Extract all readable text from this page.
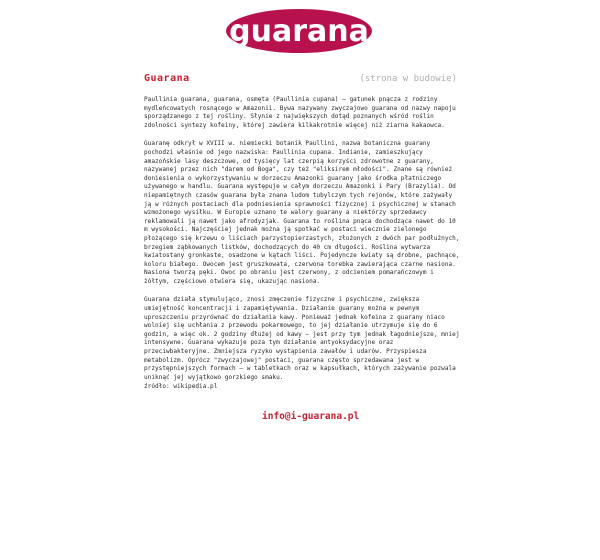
guarana
Guarana	(strona w budowie)

Paullinia guarana, guarana, osmęta (Paullinia cupana) – gatunek pnącza z rodziny mydleńcowatych rosnącego w Amazonii. Bywa nazywany zwyczajowo guarana od nazwy napoju sporządzanego z tej rośliny. Słynie z największych dotąd poznanych wśród roślin zdolności syntezy kofeiny, której zawiera kilkakrotnie więcej niż ziarna kakaowca.

Guaranę odkrył w XVIII w. niemiecki botanik Paullini, nazwa botaniczna guarany pochodzi właśnie od jego nazwiska: Paullinia cupana. Indianie, zamieszkujący amazońskie lasy deszczowe, od tysięcy lat czerpią korzyści zdrowotne z guarany, nazywanej przez nich "darem od Boga", czy też "eliksirem młodości". Znane są również doniesienia o wykorzystywaniu w dorzeczu Amazonki guarany jako środka płatniczego używanego w handlu. Guarana występuje w całym dorzeczu Amazonki i Pary (Brazylia). Od niepamiętnych czasów guarana była znana ludom tubylczym tych rejonów, które zażywały ją w różnych postaciach dla podniesienia sprawności fizycznej i psychicznej w stanach wzmożonego wysiłku. W Europie uznano te walory guarany a niektórzy sprzedawcy reklamowali ją nawet jako afrodyzjak. Guarana to roślina pnąca dochodząca nawet do 10 m wysokości. Najczęściej jednak można ją spotkać w postaci wiecznie zielonego płożącego się krzewu o liściach parzystopierzastych, złożonych z dwóch par podłużnych, brzegiem ząbkowanych listków, dochodzących do 40 cm długości. Roślina wytwarza kwiatostany gronkaste, osadzone w kątach liści. Pojedyncze kwiaty są drobne, pachnące, koloru białego. Owocem jest gruszkowata, czerwona torebka zawierająca czarne nasiona. Nasiona tworzą pęki. Owoc po obraniu jest czerwony, z odcieniem pomarańczowym i żółtym, częściowo otwiera się, ukazując nasiona.

Guarana działa stymulująco, znosi zmęczenie fizyczne i psychiczne, zwiększa umiejętność koncentracji i zapamiętywania. Działanie guarany można w pewnym uproszczeniu przyrównać do działania kawy. Ponieważ jednak kofeina z guarany niaco wolniej się uchłania z przewodu pokarmowego, to jej działanie utrzymuje się do 6 godzin, a więc ok. 2 godziny dłużej od kawy – jest przy tym jednak łagodniejsze, mniej intensywne. Guarana wykazuje poza tym działanie antyoksydacyjne oraz przeciwbakteryjne. Zmniejsza ryzyko wystąpienia zawałów i udarów. Przyspiesza metabolizm. Oprócz "zwyczajowej" postaci, guarana często sprzedawana jest w przystępniejszych formach – w tabletkach oraz w kapsułkach, których zażywanie pozwala uniknąć jej wyjątkowo gorzkiego smaku.

źródło: wikipedia.pl
info@i-guarana.pl
